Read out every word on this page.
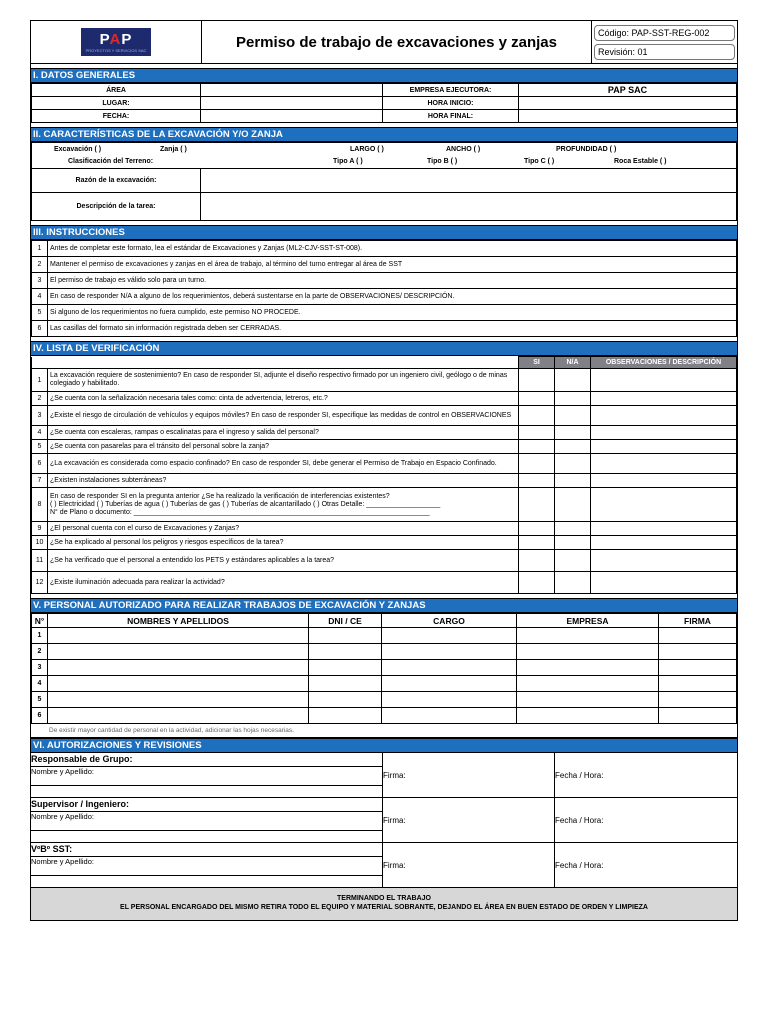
PAP
PROYECTOS Y SERVICIOS SAC	Permiso de trabajo de excavaciones y zanjas
Código: PAP-SST-REG-002
Revisión: 01
I. DATOS GENERALES
ÁREA		EMPRESA EJECUTORA:	PAP SAC
LUGAR:		HORA INICIO:	
FECHA:		HORA FINAL:	
II. CARACTERÍSTICAS DE LA EXCAVACIÓN Y/O ZANJA
Excavación ( ) Zanja ( ) LARGO ( ) ANCHO ( ) PROFUNDIDAD ( )	

Clasificación del Terreno: Tipo A ( ) Tipo B ( ) Tipo C ( ) Roca Estable ( )	

Razón de la excavación:	
Descripción de la tarea:	
III. INSTRUCCIONES
1	Antes de completar este formato, lea el estándar de Excavaciones y Zanjas (ML2-CJV-SST-ST-008).
2	Mantener el permiso de excavaciones y zanjas en el área de trabajo, al término del turno entregar al área de SST
3	El permiso de trabajo es válido solo para un turno.
4	En caso de responder N/A a alguno de los requerimientos, deberá sustentarse en la parte de OBSERVACIONES/ DESCRIPCIÓN.
5	Si alguno de los requerimientos no fuera cumplido, este permiso NO PROCEDE.
6	Las casillas del formato sin información registrada deben ser CERRADAS.
IV. LISTA DE VERIFICACIÓN
		SI	N/A	OBSERVACIONES / DESCRIPCIÓN
1	La excavación requiere de sostenimiento? En caso de responder SI, adjunte el diseño respectivo firmado por un ingeniero civil, geólogo o de minas colegiado y habilitado.			
2	¿Se cuenta con la señalización necesaria tales como: cinta de advertencia, letreros, etc.?			
3	¿Existe el riesgo de circulación de vehículos y equipos móviles? En caso de responder SI, especifique las medidas de control en OBSERVACIONES			
4	¿Se cuenta con escaleras, rampas o escalinatas para el ingreso y salida del personal?			
5	¿Se cuenta con pasarelas para el tránsito del personal sobre la zanja?			
6	¿La excavación es considerada como espacio confinado? En caso de responder SI, debe generar el Permiso de Trabajo en Espacio Confinado.			
7	¿Existen instalaciones subterráneas?			
8	En caso de responder SI en la pregunta anterior ¿Se ha realizado la verificación de interferencias existentes?
( ) Electricidad ( ) Tuberías de agua ( ) Tuberías de gas ( ) Tuberías de alcantarillado ( ) Otras Detalle: ___________________
N° de Plano o documento: ____________________________________________________________________________			

9	¿El personal cuenta con el curso de Excavaciones y Zanjas?			
10	¿Se ha explicado al personal los peligros y riesgos específicos de la tarea?			
11	¿Se ha verificado que el personal a entendido los PETS y estándares aplicables a la tarea?			
12	¿Existe iluminación adecuada para realizar la actividad?			
V. PERSONAL AUTORIZADO PARA REALIZAR TRABAJOS DE EXCAVACIÓN Y ZANJAS
N°	NOMBRES Y APELLIDOS	DNI / CE	CARGO	EMPRESA	FIRMA
1					
2					
3					
4					
5					
6					
De existir mayor cantidad de personal en la actividad, adicionar las hojas necesarias.
VI. AUTORIZACIONES Y REVISIONES
Responsable de Grupo:
Nombre y Apellido:	Firma:	Fecha / Hora:
Supervisor / Ingeniero:
Nombre y Apellido:	Firma:	Fecha / Hora:
VºBº SST:
Nombre y Apellido:	Firma:	Fecha / Hora:
TERMINANDO EL TRABAJO
EL PERSONAL ENCARGADO DEL MISMO RETIRA TODO EL EQUIPO Y MATERIAL SOBRANTE, DEJANDO EL ÁREA EN BUEN ESTADO DE ORDEN Y LIMPIEZA
